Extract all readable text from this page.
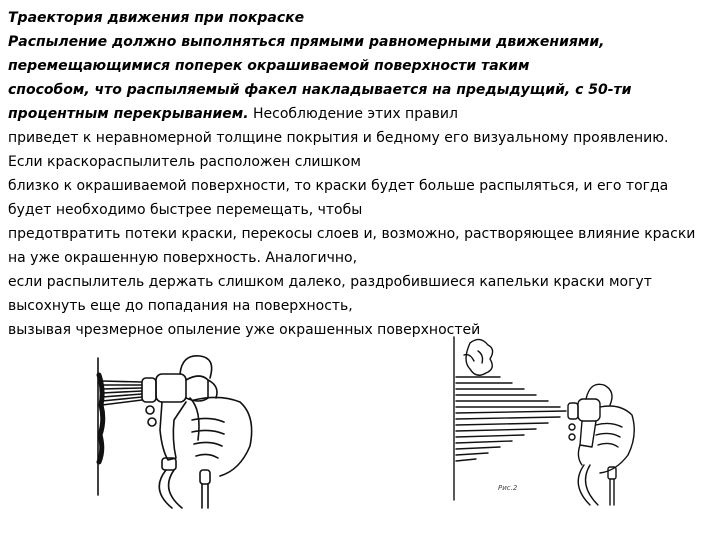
Траектория движения при покраске
Распыление должно выполняться прямыми равномерными движениями,
перемещающимися поперек окрашиваемой поверхности таким
способом, что распыляемый факел накладывается на предыдущий, с 50-ти
процентным перекрыванием. Несоблюдение этих правил
приведет к неравномерной толщине покрытия и бедному его визуальному проявлению.
Если краскораспылитель расположен слишком
близко к окрашиваемой поверхности, то краски будет больше распыляться, и его тогда
будет необходимо быстрее перемещать, чтобы
предотвратить потеки краски, перекосы слоев и, возможно, растворяющее влияние краски
на уже окрашенную поверхность. Аналогично,
если распылитель держать слишком далеко, раздробившиеся капельки краски могут
высохнуть еще до попадания на поверхность,
вызывая чрезмерное опыление уже окрашенных поверхностей
Рис.2
